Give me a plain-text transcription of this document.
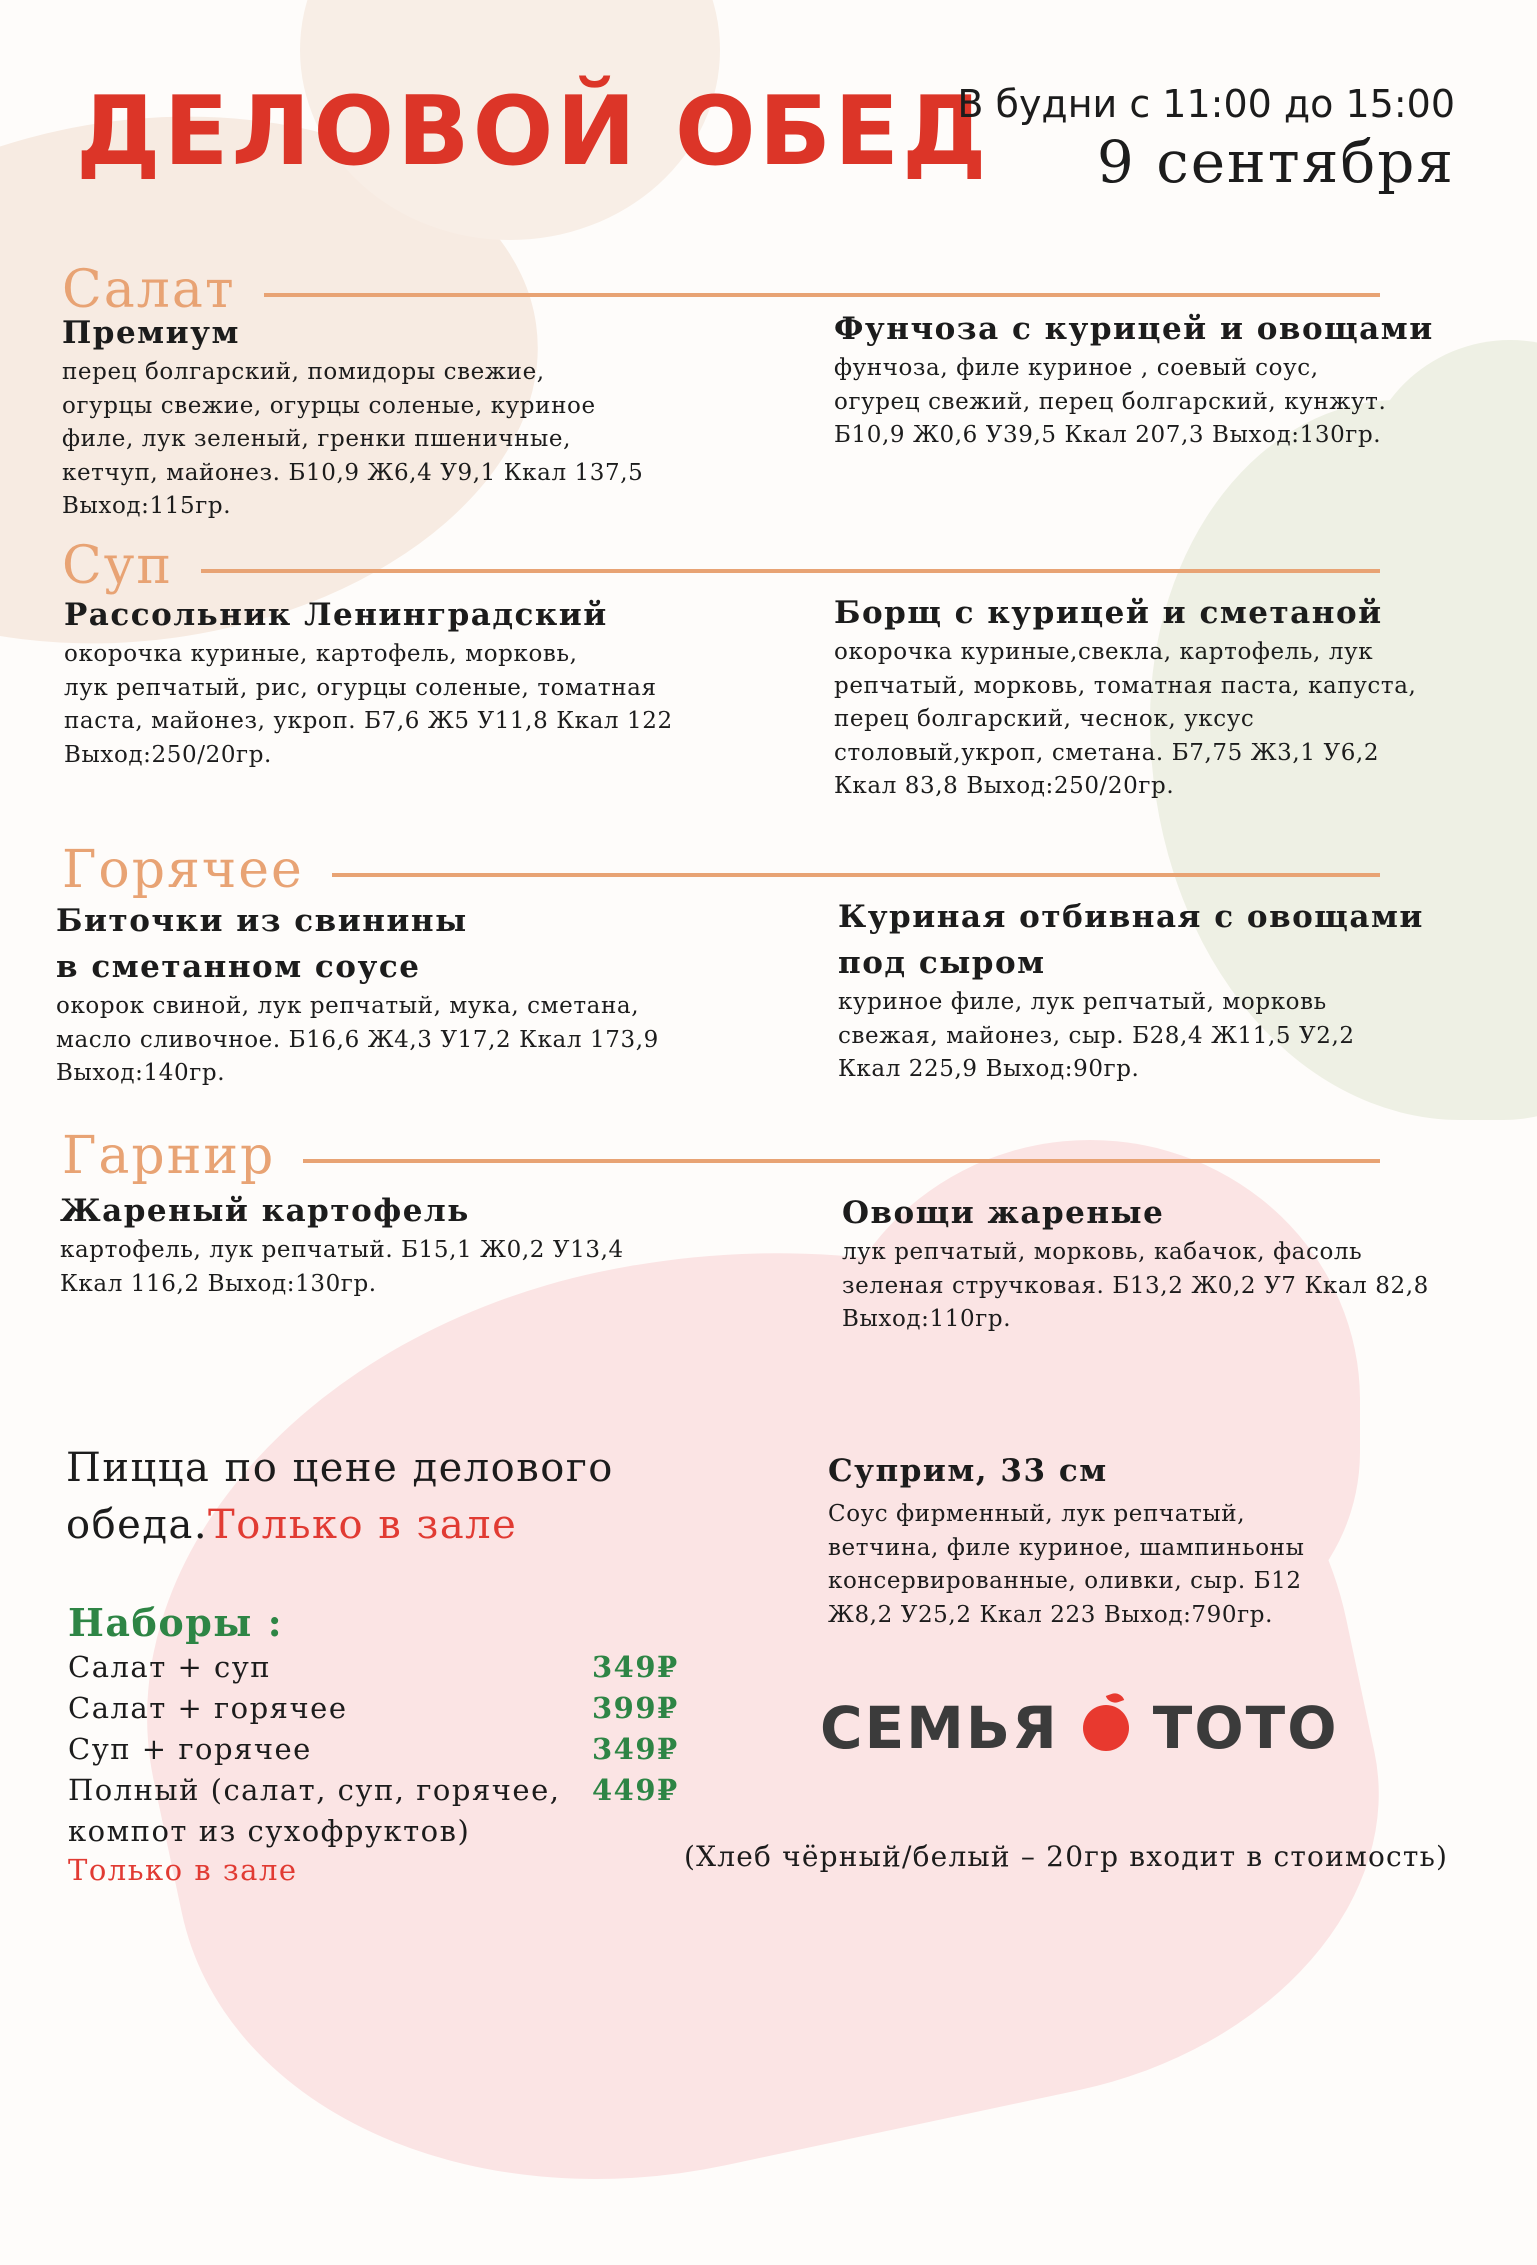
ДЕЛОВОЙ ОБЕД
В будни с 11:00 до 15:00
9 сентября
Салат
Премиум
перец болгарский, помидоры свежие,
огурцы свежие, огурцы соленые, куриное
филе, лук зеленый, гренки пшеничные,
кетчуп, майонез. Б10,9 Ж6,4 У9,1 Ккал 137,5
Выход:115гр.
Фунчоза с курицей и овощами
фунчоза, филе куриное , соевый соус,
огурец свежий, перец болгарский, кунжут.
Б10,9 Ж0,6 У39,5 Ккал 207,3 Выход:130гр.
Суп
Рассольник Ленинградский
окорочка куриные, картофель, морковь,
лук репчатый, рис, огурцы соленые, томатная
паста, майонез, укроп. Б7,6 Ж5 У11,8 Ккал 122
Выход:250/20гр.
Борщ с курицей и сметаной
окорочка куриные,свекла, картофель, лук
репчатый, морковь, томатная паста, капуста,
перец болгарский, чеснок, уксус
столовый,укроп, сметана. Б7,75 Ж3,1 У6,2
Ккал 83,8 Выход:250/20гр.
Горячее
Биточки из свинины
в сметанном соусе
окорок свиной, лук репчатый, мука, сметана,
масло сливочное. Б16,6 Ж4,3 У17,2 Ккал 173,9
Выход:140гр.
Куриная отбивная с овощами
под сыром
куриное филе, лук репчатый, морковь
свежая, майонез, сыр. Б28,4 Ж11,5 У2,2
Ккал 225,9 Выход:90гр.
Гарнир
Жареный картофель
картофель, лук репчатый. Б15,1 Ж0,2 У13,4
Ккал 116,2 Выход:130гр.
Овощи жареные
лук репчатый, морковь, кабачок, фасоль
зеленая стручковая. Б13,2 Ж0,2 У7 Ккал 82,8
Выход:110гр.
Пицца по цене делового обеда.Только в зале
Суприм, 33 см
Соус фирменный, лук репчатый,
ветчина, филе куриное, шампиньоны
консервированные, оливки, сыр. Б12
Ж8,2 У25,2 Ккал 223 Выход:790гр.
Наборы :
Салат + суп	349₽
Салат + горячее	399₽
Суп + горячее	349₽
Полный (салат, суп, горячее,	449₽
компот из сухофруктов)
Только в зале
СЕМЬЯ ТОТО
(Хлеб чёрный/белый – 20гр входит в стоимость)
